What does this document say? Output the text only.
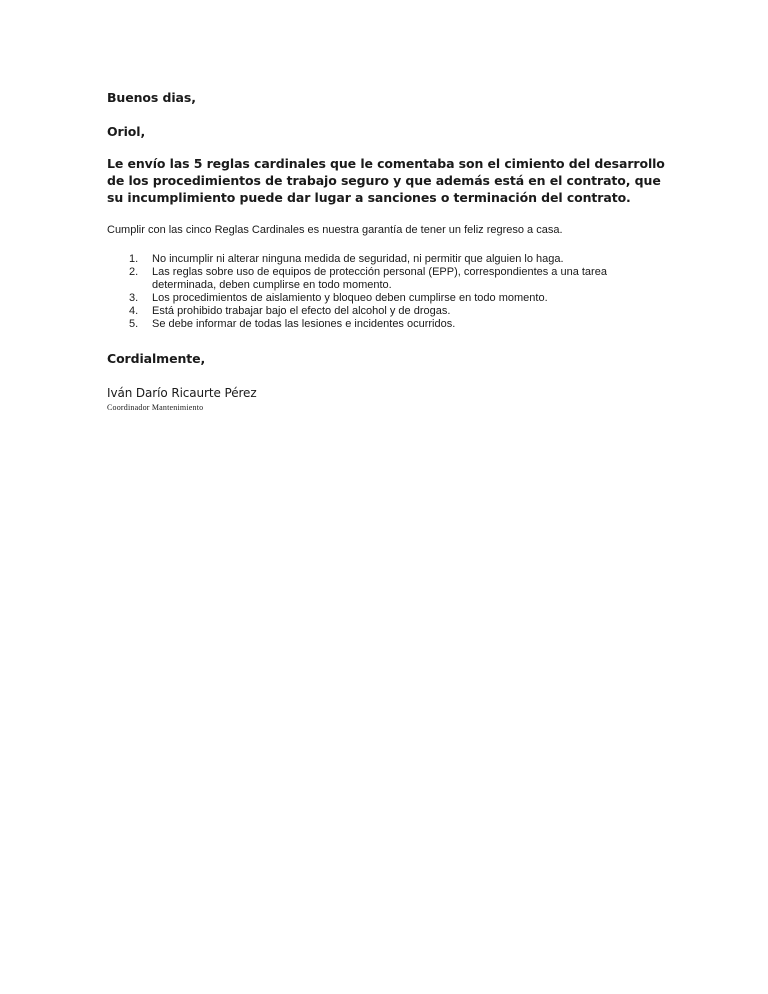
Buenos dias,

Oriol,

Le envío las 5 reglas cardinales que le comentaba son el cimiento del desarrollo de los procedimientos de trabajo seguro y que además está en el contrato, que su incumplimiento puede dar lugar a sanciones o terminación del contrato.

Cumplir con las cinco Reglas Cardinales es nuestra garantía de tener un feliz regreso a casa.

1. No incumplir ni alterar ninguna medida de seguridad, ni permitir que alguien lo haga.
2. Las reglas sobre uso de equipos de protección personal (EPP), correspondientes a una tarea determinada, deben cumplirse en todo momento.
3. Los procedimientos de aislamiento y bloqueo deben cumplirse en todo momento.
4. Está prohibido trabajar bajo el efecto del alcohol y de drogas.
5. Se debe informar de todas las lesiones e incidentes ocurridos.

Cordialmente,

Iván Darío Ricaurte Pérez

Coordinador Mantenimiento
